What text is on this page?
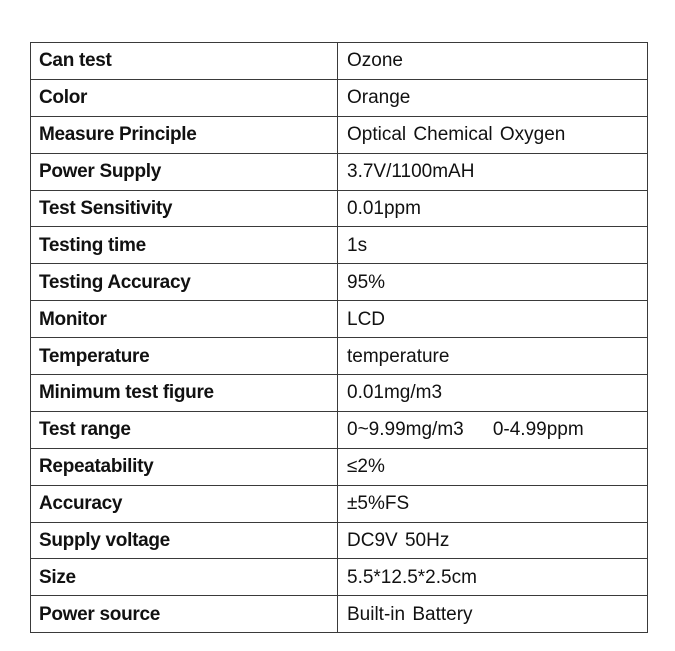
Can test	Ozone
Color	Orange
Measure Principle	Optical Chemical Oxygen
Power Supply	3.7V/1100mAH
Test Sensitivity	0.01ppm
Testing time	1s
Testing Accuracy	95%
Monitor	LCD
Temperature	temperature
Minimum test figure	0.01mg/m3
Test range	0~9.99mg/m3    0-4.99ppm
Repeatability	≤2%
Accuracy	±5%FS
Supply voltage	DC9V 50Hz
Size	5.5*12.5*2.5cm
Power source	Built-in Battery
